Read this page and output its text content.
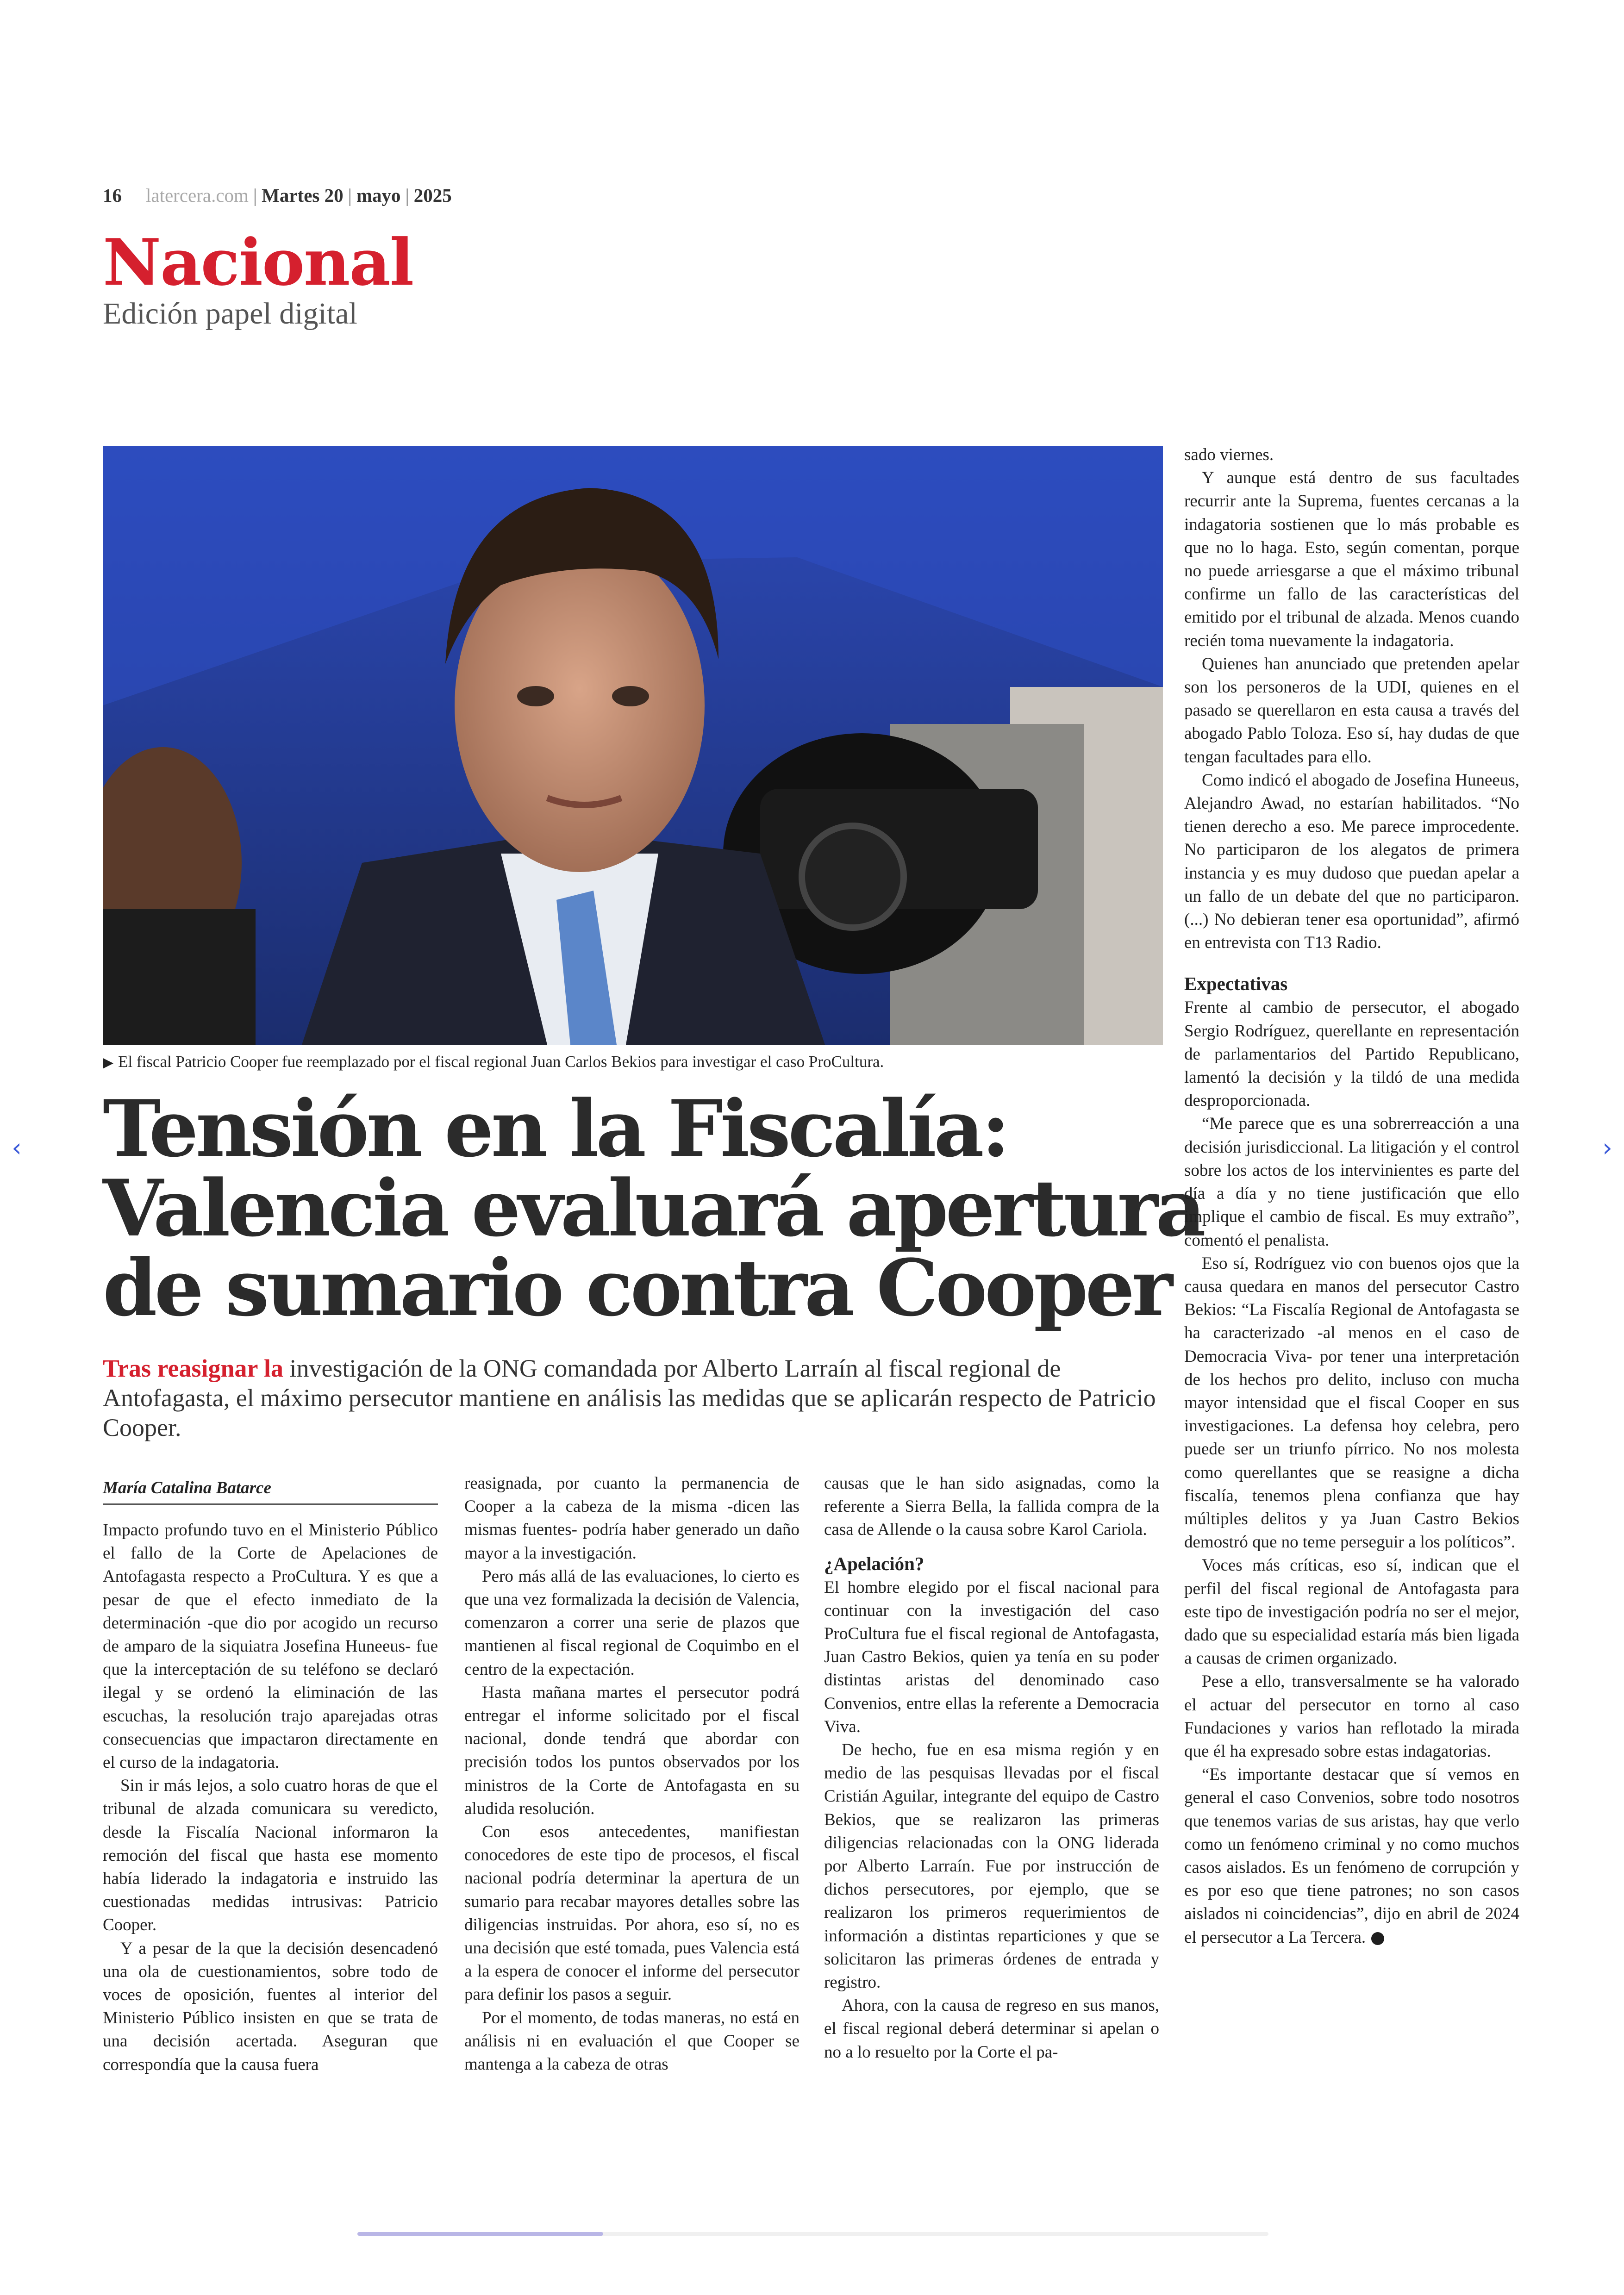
16 latercera.com | Martes 20 | mayo | 2025
Nacional
Edición papel digital
▶ El fiscal Patricio Cooper fue reemplazado por el fiscal regional Juan Carlos Bekios para investigar el caso ProCultura.
Tensión en la Fiscalía:
Valencia evaluará apertura
de sumario contra Cooper
Tras reasignar la investigación de la ONG comandada por Alberto Larraín al fiscal regional de Antofagasta, el máximo persecutor mantiene en análisis las medidas que se aplicarán respecto de Patricio Cooper.
María Catalina Batarce

Impacto profundo tuvo en el Ministerio Público el fallo de la Corte de Apelaciones de Antofagasta respecto a ProCultura. Y es que a pesar de que el efecto inmediato de la determinación -que dio por acogido un recurso de amparo de la siquiatra Josefina Huneeus- fue que la interceptación de su teléfono se declaró ilegal y se ordenó la eliminación de las escuchas, la resolución trajo aparejadas otras consecuencias que impactaron directamente en el curso de la indagatoria.

Sin ir más lejos, a solo cuatro horas de que el tribunal de alzada comunicara su veredicto, desde la Fiscalía Nacional informaron la remoción del fiscal que hasta ese momento había liderado la indagatoria e instruido las cuestionadas medidas intrusivas: Patricio Cooper.

Y a pesar de la que la decisión desencadenó una ola de cuestionamientos, sobre todo de voces de oposición, fuentes al interior del Ministerio Público insisten en que se trata de una decisión acertada. Aseguran que correspondía que la causa fuera

reasignada, por cuanto la permanencia de Cooper a la cabeza de la misma -dicen las mismas fuentes- podría haber generado un daño mayor a la investigación.

Pero más allá de las evaluaciones, lo cierto es que una vez formalizada la decisión de Valencia, comenzaron a correr una serie de plazos que mantienen al fiscal regional de Coquimbo en el centro de la expectación.

Hasta mañana martes el persecutor podrá entregar el informe solicitado por el fiscal nacional, donde tendrá que abordar con precisión todos los puntos observados por los ministros de la Corte de Antofagasta en su aludida resolución.

Con esos antecedentes, manifiestan conocedores de este tipo de procesos, el fiscal nacional podría determinar la apertura de un sumario para recabar mayores detalles sobre las diligencias instruidas. Por ahora, eso sí, no es una decisión que esté tomada, pues Valencia está a la espera de conocer el informe del persecutor para definir los pasos a seguir.

Por el momento, de todas maneras, no está en análisis ni en evaluación el que Cooper se mantenga a la cabeza de otras

causas que le han sido asignadas, como la referente a Sierra Bella, la fallida compra de la casa de Allende o la causa sobre Karol Cariola.

¿Apelación?

El hombre elegido por el fiscal nacional para continuar con la investigación del caso ProCultura fue el fiscal regional de Antofagasta, Juan Castro Bekios, quien ya tenía en su poder distintas aristas del denominado caso Convenios, entre ellas la referente a Democracia Viva.

De hecho, fue en esa misma región y en medio de las pesquisas llevadas por el fiscal Cristián Aguilar, integrante del equipo de Castro Bekios, que se realizaron las primeras diligencias relacionadas con la ONG liderada por Alberto Larraín. Fue por instrucción de dichos persecutores, por ejemplo, que se realizaron los primeros requerimientos de información a distintas reparticiones y que se solicitaron las primeras órdenes de entrada y registro.

Ahora, con la causa de regreso en sus manos, el fiscal regional deberá determinar si apelan o no a lo resuelto por la Corte el pa-

sado viernes.

Y aunque está dentro de sus facultades recurrir ante la Suprema, fuentes cercanas a la indagatoria sostienen que lo más probable es que no lo haga. Esto, según comentan, porque no puede arriesgarse a que el máximo tribunal confirme un fallo de las características del emitido por el tribunal de alzada. Menos cuando recién toma nuevamente la indagatoria.

Quienes han anunciado que pretenden apelar son los personeros de la UDI, quienes en el pasado se querellaron en esta causa a través del abogado Pablo Toloza. Eso sí, hay dudas de que tengan facultades para ello.

Como indicó el abogado de Josefina Huneeus, Alejandro Awad, no estarían habilitados. “No tienen derecho a eso. Me parece improcedente. No participaron de los alegatos de primera instancia y es muy dudoso que puedan apelar a un fallo de un debate del que no participaron. (...) No debieran tener esa oportunidad”, afirmó en entrevista con T13 Radio.

Expectativas

Frente al cambio de persecutor, el abogado Sergio Rodríguez, querellante en representación de parlamentarios del Partido Republicano, lamentó la decisión y la tildó de una medida desproporcionada.

“Me parece que es una sobrerreacción a una decisión jurisdiccional. La litigación y el control sobre los actos de los intervinientes es parte del día a día y no tiene justificación que ello implique el cambio de fiscal. Es muy extraño”, comentó el penalista.

Eso sí, Rodríguez vio con buenos ojos que la causa quedara en manos del persecutor Castro Bekios: “La Fiscalía Regional de Antofagasta se ha caracterizado -al menos en el caso de Democracia Viva- por tener una interpretación de los hechos pro delito, incluso con mucha mayor intensidad que el fiscal Cooper en sus investigaciones. La defensa hoy celebra, pero puede ser un triunfo pírrico. No nos molesta como querellantes que se reasigne a dicha fiscalía, tenemos plena confianza que hay múltiples delitos y ya Juan Castro Bekios demostró que no teme perseguir a los políticos”.

Voces más críticas, eso sí, indican que el perfil del fiscal regional de Antofagasta para este tipo de investigación podría no ser el mejor, dado que su especialidad estaría más bien ligada a causas de crimen organizado.

Pese a ello, transversalmente se ha valorado el actuar del persecutor en torno al caso Fundaciones y varios han reflotado la mirada que él ha expresado sobre estas indagatorias.

“Es importante destacar que sí vemos en general el caso Convenios, sobre todo nosotros que tenemos varias de sus aristas, hay que verlo como un fenómeno criminal y no como muchos casos aislados. Es un fenómeno de corrupción y es por eso que tiene patrones; no son casos aislados ni coincidencias”, dijo en abril de 2024 el persecutor a La Tercera.

‹	›
